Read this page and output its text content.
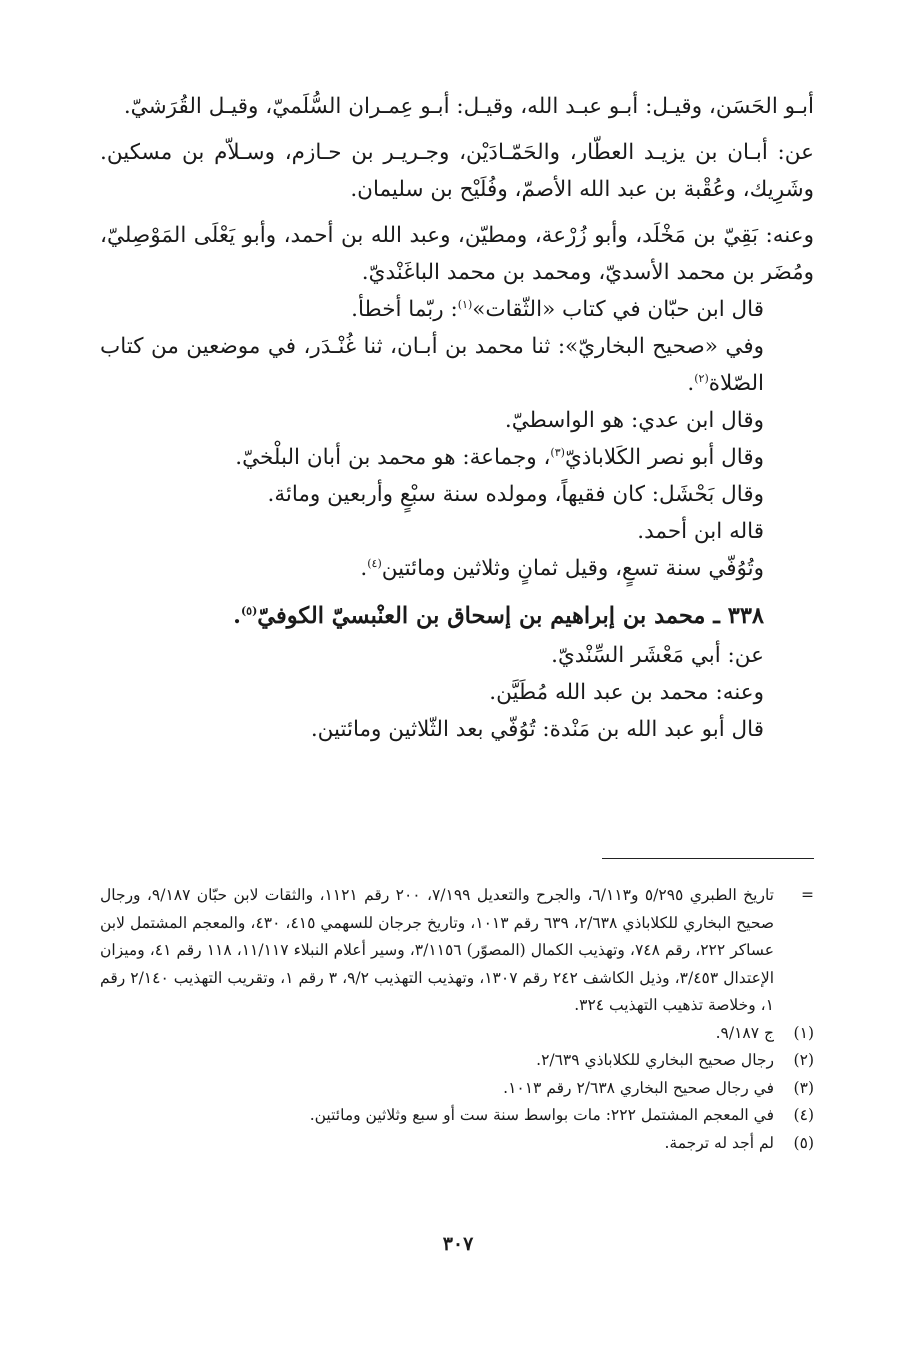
أبـو الحَسَن، وقيـل: أبـو عبـد الله، وقيـل: أبـو عِمـران السُّلَميّ، وقيـل القُرَشيّ.

عن: أبـان بن يزيـد العطّار، والحَمّـادَيْن، وجـريـر بن حـازم، وسـلاّم بن مسكين. وشَرِيك، وعُقْبة بن عبد الله الأصمّ، وفُلَيْح بن سليمان.

وعنه: بَقِيّ بن مَخْلَد، وأبو زُرْعة، ومطيّن، وعبد الله بن أحمد، وأبو يَعْلَى المَوْصِليّ، ومُضَر بن محمد الأسديّ، ومحمد بن محمد الباغَنْديّ.

قال ابن حبّان في كتاب «الثّقات»$^{(١)}$: ربّما أخطأ.

وفي «صحيح البخاريّ»: ثنا محمد بن أبـان، ثنا غُنْـدَر، في موضعين من كتاب الصّلاة$^{(٢)}$.

وقال ابن عدي: هو الواسطيّ.

وقال أبو نصر الكَلاباذيّ$^{(٣)}$، وجماعة: هو محمد بن أبان البلْخيّ.

وقال بَحْشَل: كان فقيهاً، ومولده سنة سبْعٍ وأربعين ومائة.

قاله ابن أحمد.

وتُوُفّي سنة تسعٍ، وقيل ثمانٍ وثلاثين ومائتين$^{(٤)}$.

٣٣٨ ـ محمد بن إبراهيم بن إسحاق بن العنْبسيّ الكوفيّ$^{(٥)}$.

عن: أبي مَعْشَر السِّنْديّ.

وعنه: محمد بن عبد الله مُطَيَّن.

قال أبو عبد الله بن مَنْدة: تُوُفّي بعد الثّلاثين ومائتين.

=
تاريخ الطبري ٥/٢٩٥ و٦/١١٣، والجرح والتعديل ٧/١٩٩، ٢٠٠ رقم ١١٢١، والثقات لابن حبّان ٩/١٨٧، ورجال صحيح البخاري للكلاباذي ٢/٦٣٨، ٦٣٩ رقم ١٠١٣، وتاريخ جرجان للسهمي ٤١٥، ٤٣٠، والمعجم المشتمل لابن عساكر ٢٢٢، رقم ٧٤٨، وتهذيب الكمال (المصوّر) ٣/١١٥٦، وسير أعلام النبلاء ١١/١١٧، ١١٨ رقم ٤١، وميزان الإعتدال ٣/٤٥٣، وذيل الكاشف ٢٤٢ رقم ١٣٠٧، وتهذيب التهذيب ٩/٢، ٣ رقم ١، وتقريب التهذيب ٢/١٤٠ رقم ١، وخلاصة تذهيب التهذيب ٣٢٤.
(١)
ج ٩/١٨٧.
(٢)
رجال صحيح البخاري للكلاباذي ٢/٦٣٩.
(٣)
في رجال صحيح البخاري ٢/٦٣٨ رقم ١٠١٣.
(٤)
في المعجم المشتمل ٢٢٢: مات بواسط سنة ست أو سبع وثلاثين ومائتين.
(٥)
لم أجد له ترجمة.
٣٠٧
